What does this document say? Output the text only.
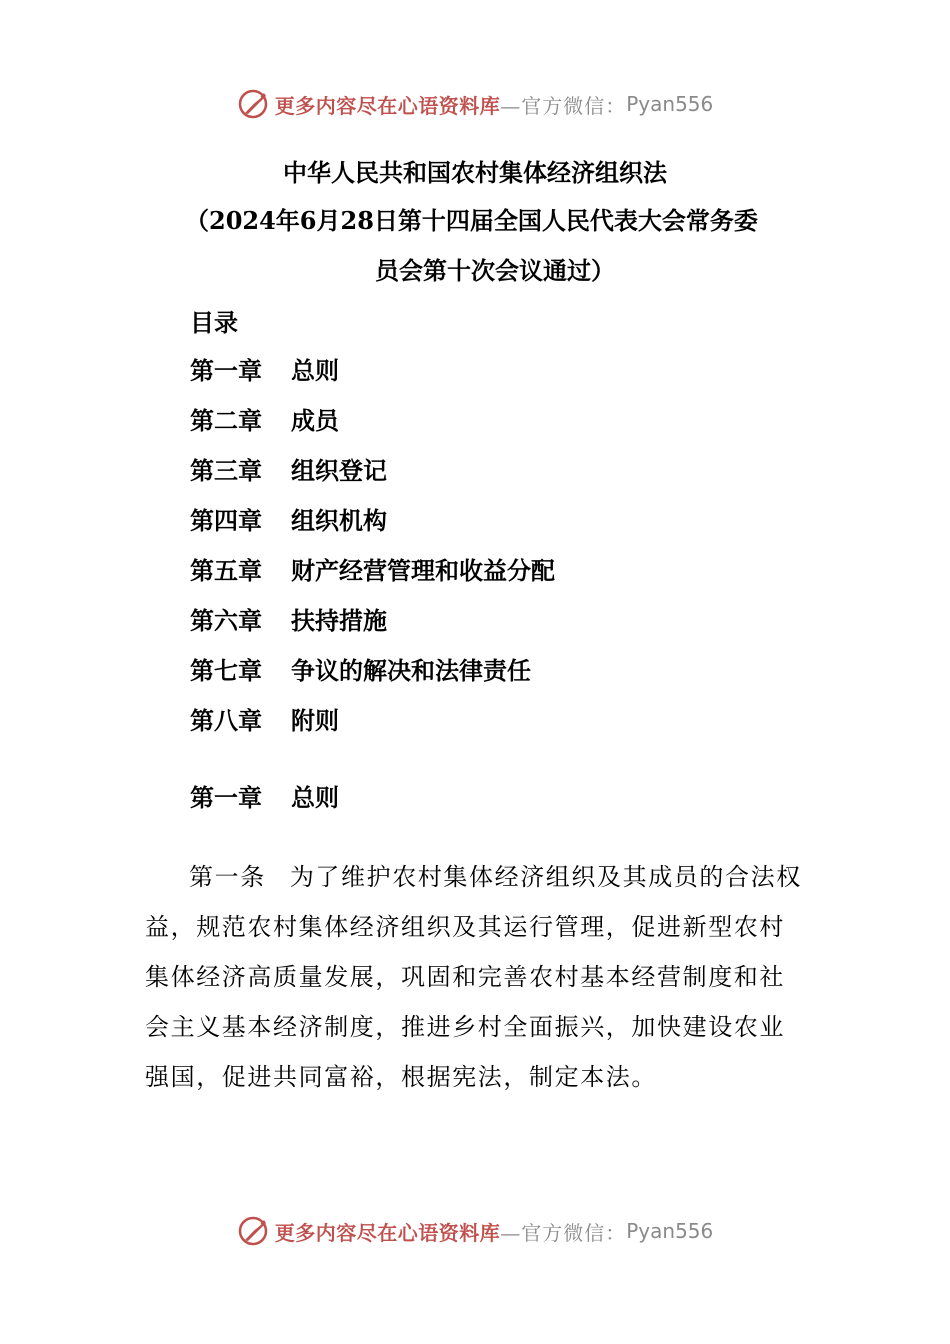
更多内容尽在心语资料库 —官方微信： Pyan556
中华人民共和国农村集体经济组织法
（2024年6月28日第十四届全国人民代表大会常务委
员会第十次会议通过）
目录
第一章 总则
第二章 成员
第三章 组织登记
第四章 组织机构
第五章 财产经营管理和收益分配
第六章 扶持措施
第七章 争议的解决和法律责任
第八章 附则
第一章 总则

第一条 为了维护农村集体经济组织及其成员的合法权益，规范农村集体经济组织及其运行管理，促进新型农村集体经济高质量发展，巩固和完善农村基本经营制度和社会主义基本经济制度，推进乡村全面振兴，加快建设农业强国，促进共同富裕，根据宪法，制定本法。

更多内容尽在心语资料库 —官方微信： Pyan556
